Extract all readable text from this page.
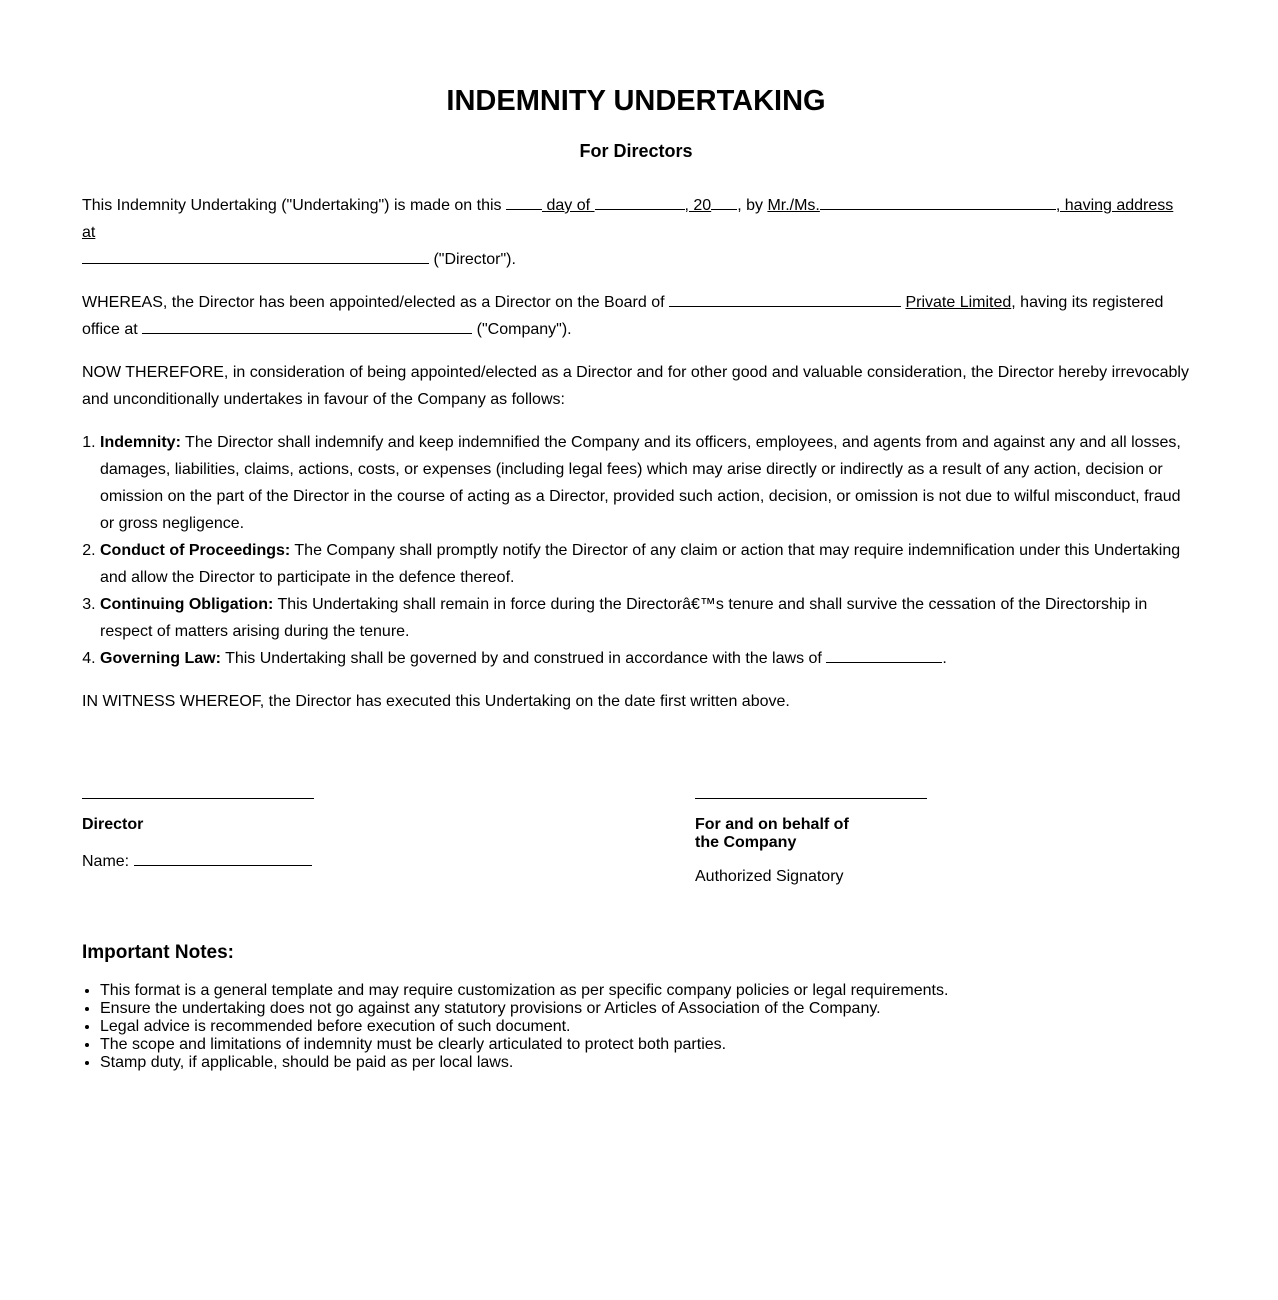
INDEMNITY UNDERTAKING
For Directors

This Indemnity Undertaking ("Undertaking") is made on this	day of	, 20 , by Mr./Ms.	, having address at
("Director").

WHEREAS, the Director has been appointed/elected as a Director on the Board of	Private Limited, having its registered office at	("Company").

NOW THEREFORE, in consideration of being appointed/elected as a Director and for other good and valuable consideration, the Director hereby irrevocably and unconditionally undertakes in favour of the Company as follows:

1. Indemnity: The Director shall indemnify and keep indemnified the Company and its officers, employees, and agents from and against any and all losses, damages, liabilities, claims, actions, costs, or expenses (including legal fees) which may arise directly or indirectly as a result of any action, decision or omission on the part of the Director in the course of acting as a Director, provided such action, decision, or omission is not due to wilful misconduct, fraud or gross negligence.
2. Conduct of Proceedings: The Company shall promptly notify the Director of any claim or action that may require indemnification under this Undertaking and allow the Director to participate in the defence thereof.
3. Continuing Obligation: This Undertaking shall remain in force during the Directorâ€™s tenure and shall survive the cessation of the Directorship in respect of matters arising during the tenure.
4. Governing Law: This Undertaking shall be governed by and construed in accordance with the laws of	.

IN WITNESS WHEREOF, the Director has executed this Undertaking on the date first written above.

Director
Name:
For and on behalf of
the Company
Authorized Signatory
Important Notes:
• This format is a general template and may require customization as per specific company policies or legal requirements.
• Ensure the undertaking does not go against any statutory provisions or Articles of Association of the Company.
• Legal advice is recommended before execution of such document.
• The scope and limitations of indemnity must be clearly articulated to protect both parties.
• Stamp duty, if applicable, should be paid as per local laws.
